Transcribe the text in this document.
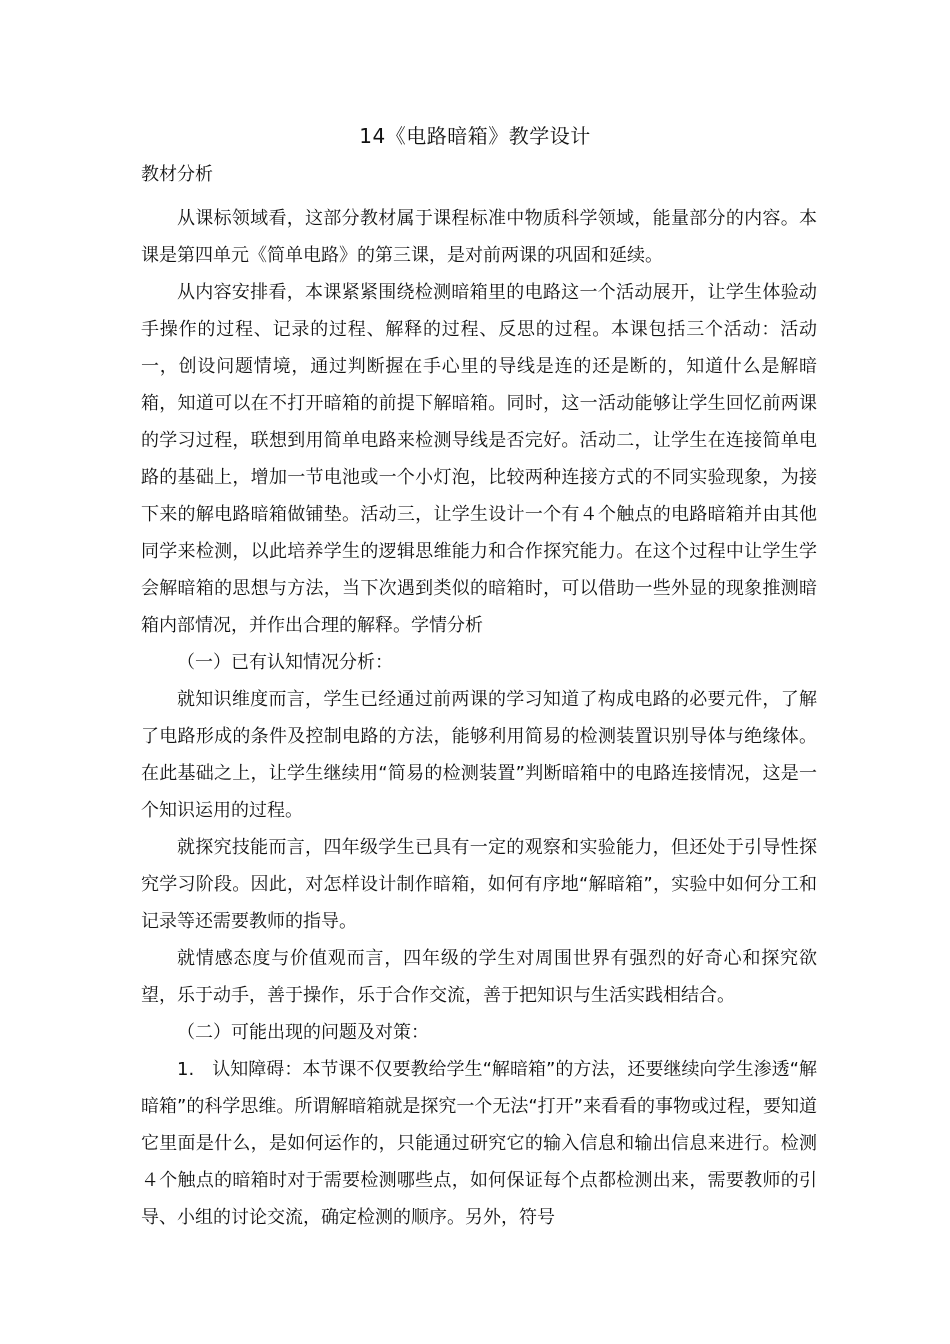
14《电路暗箱》教学设计
教材分析

从课标领域看，这部分教材属于课程标准中物质科学领域，能量部分的内容。本课是第四单元《简单电路》的第三课，是对前两课的巩固和延续。

从内容安排看，本课紧紧围绕检测暗箱里的电路这一个活动展开，让学生体验动手操作的过程、记录的过程、解释的过程、反思的过程。本课包括三个活动：活动一，创设问题情境，通过判断握在手心里的导线是连的还是断的，知道什么是解暗箱，知道可以在不打开暗箱的前提下解暗箱。同时，这一活动能够让学生回忆前两课的学习过程，联想到用简单电路来检测导线是否完好。活动二，让学生在连接简单电路的基础上，增加一节电池或一个小灯泡，比较两种连接方式的不同实验现象，为接下来的解电路暗箱做铺垫。活动三，让学生设计一个有４个触点的电路暗箱并由其他同学来检测，以此培养学生的逻辑思维能力和合作探究能力。在这个过程中让学生学会解暗箱的思想与方法，当下次遇到类似的暗箱时，可以借助一些外显的现象推测暗箱内部情况，并作出合理的解释。学情分析

（一）已有认知情况分析：

就知识维度而言，学生已经通过前两课的学习知道了构成电路的必要元件，了解了电路形成的条件及控制电路的方法，能够利用简易的检测装置识别导体与绝缘体。在此基础之上，让学生继续用“简易的检测装置”判断暗箱中的电路连接情况，这是一个知识运用的过程。

就探究技能而言，四年级学生已具有一定的观察和实验能力，但还处于引导性探究学习阶段。因此，对怎样设计制作暗箱，如何有序地“解暗箱”，实验中如何分工和记录等还需要教师的指导。

就情感态度与价值观而言，四年级的学生对周围世界有强烈的好奇心和探究欲望，乐于动手，善于操作，乐于合作交流，善于把知识与生活实践相结合。

（二）可能出现的问题及对策：

1.　认知障碍：本节课不仅要教给学生“解暗箱”的方法，还要继续向学生渗透“解暗箱”的科学思维。所谓解暗箱就是探究一个无法“打开”来看看的事物或过程，要知道它里面是什么，是如何运作的，只能通过研究它的输入信息和输出信息来进行。检测４个触点的暗箱时对于需要检测哪些点，如何保证每个点都检测出来，需要教师的引导、小组的讨论交流，确定检测的顺序。另外，符号
